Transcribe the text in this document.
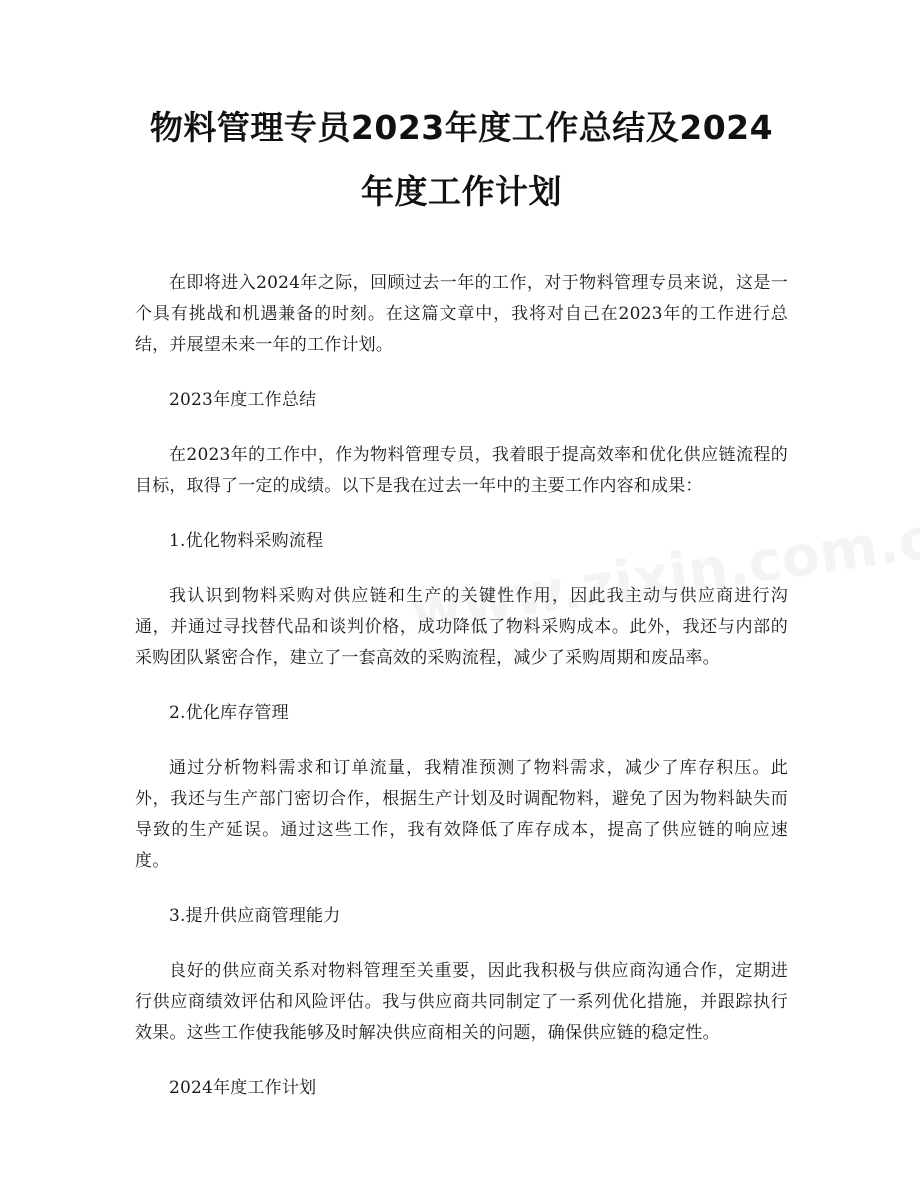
物料管理专员2023年度工作总结及2024年度工作计划

在即将进入2024年之际，回顾过去一年的工作，对于物料管理专员来说，这是一个具有挑战和机遇兼备的时刻。在这篇文章中，我将对自己在2023年的工作进行总结，并展望未来一年的工作计划。

2023年度工作总结

在2023年的工作中，作为物料管理专员，我着眼于提高效率和优化供应链流程的目标，取得了一定的成绩。以下是我在过去一年中的主要工作内容和成果：

1.优化物料采购流程

我认识到物料采购对供应链和生产的关键性作用，因此我主动与供应商进行沟通，并通过寻找替代品和谈判价格，成功降低了物料采购成本。此外，我还与内部的采购团队紧密合作，建立了一套高效的采购流程，减少了采购周期和废品率。

2.优化库存管理

通过分析物料需求和订单流量，我精准预测了物料需求，减少了库存积压。此外，我还与生产部门密切合作，根据生产计划及时调配物料，避免了因为物料缺失而导致的生产延误。通过这些工作，我有效降低了库存成本，提高了供应链的响应速度。

3.提升供应商管理能力

良好的供应商关系对物料管理至关重要，因此我积极与供应商沟通合作，定期进行供应商绩效评估和风险评估。我与供应商共同制定了一系列优化措施，并跟踪执行效果。这些工作使我能够及时解决供应商相关的问题，确保供应链的稳定性。

2024年度工作计划
